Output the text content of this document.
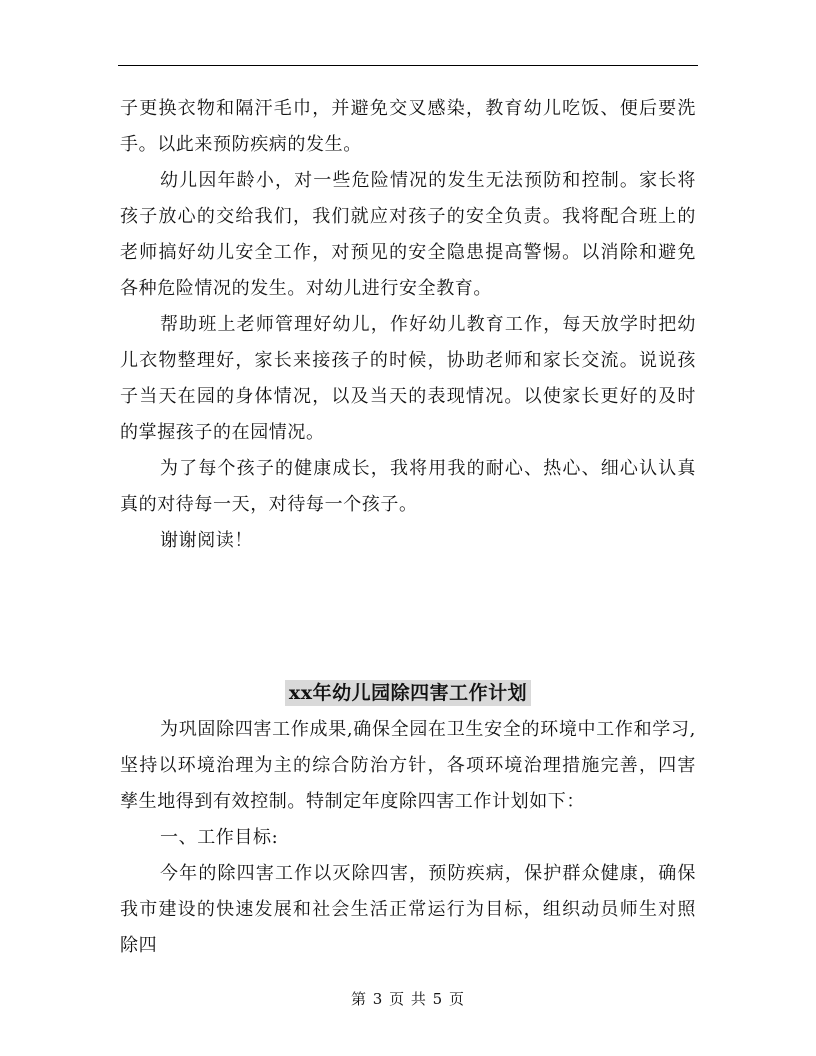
子更换衣物和隔汗毛巾，并避免交叉感染，教育幼儿吃饭、便后要洗手。以此来预防疾病的发生。

幼儿因年龄小，对一些危险情况的发生无法预防和控制。家长将孩子放心的交给我们，我们就应对孩子的安全负责。我将配合班上的老师搞好幼儿安全工作，对预见的安全隐患提高警惕。以消除和避免各种危险情况的发生。对幼儿进行安全教育。

帮助班上老师管理好幼儿，作好幼儿教育工作，每天放学时把幼儿衣物整理好，家长来接孩子的时候，协助老师和家长交流。说说孩子当天在园的身体情况，以及当天的表现情况。以使家长更好的及时的掌握孩子的在园情况。

为了每个孩子的健康成长，我将用我的耐心、热心、细心认认真真的对待每一天，对待每一个孩子。

谢谢阅读！

xx年幼儿园除四害工作计划

为巩固除四害工作成果,确保全园在卫生安全的环境中工作和学习,坚持以环境治理为主的综合防治方针，各项环境治理措施完善，四害孳生地得到有效控制。特制定年度除四害工作计划如下：

一、工作目标:

今年的除四害工作以灭除四害，预防疾病，保护群众健康，确保我市建设的快速发展和社会生活正常运行为目标，组织动员师生对照除四

第 3 页 共 5 页
